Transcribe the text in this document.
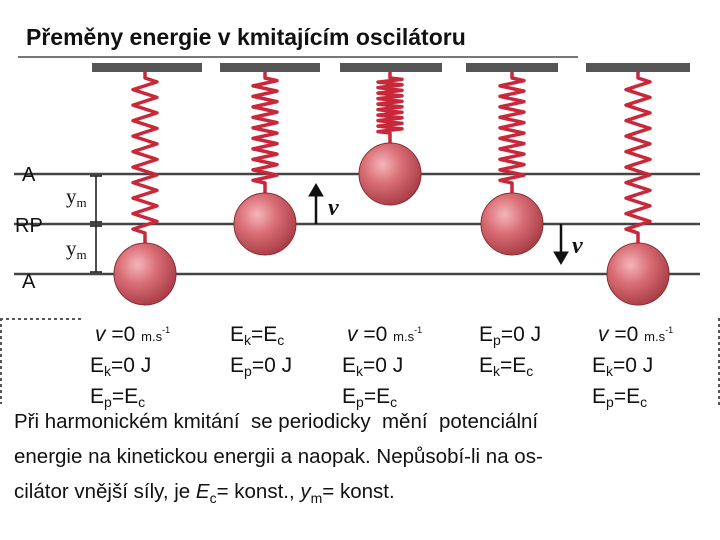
Přeměny energie v kmitajícím oscilátoru
A
RP
A
$y_m$
$y_m$
v
v
v =0 $m.s^{-1}$
$E_k=0$ J
$E_p=E_c$
$E_k=E_c$
$E_p=0$ J
v =0 $m.s^{-1}$
$E_k=0$ J
$E_p=E_c$
$E_p=0$ J
$E_k=E_c$
v =0 $m.s^{-1}$
$E_k=0$ J
$E_p=E_c$
Při harmonickém kmitání  se periodicky  mění  potenciální
energie na kinetickou energii a naopak. Nepůsobí-li na os-
cilátor vnější síly, je $E_c=$ konst., $y_m=$ konst.
